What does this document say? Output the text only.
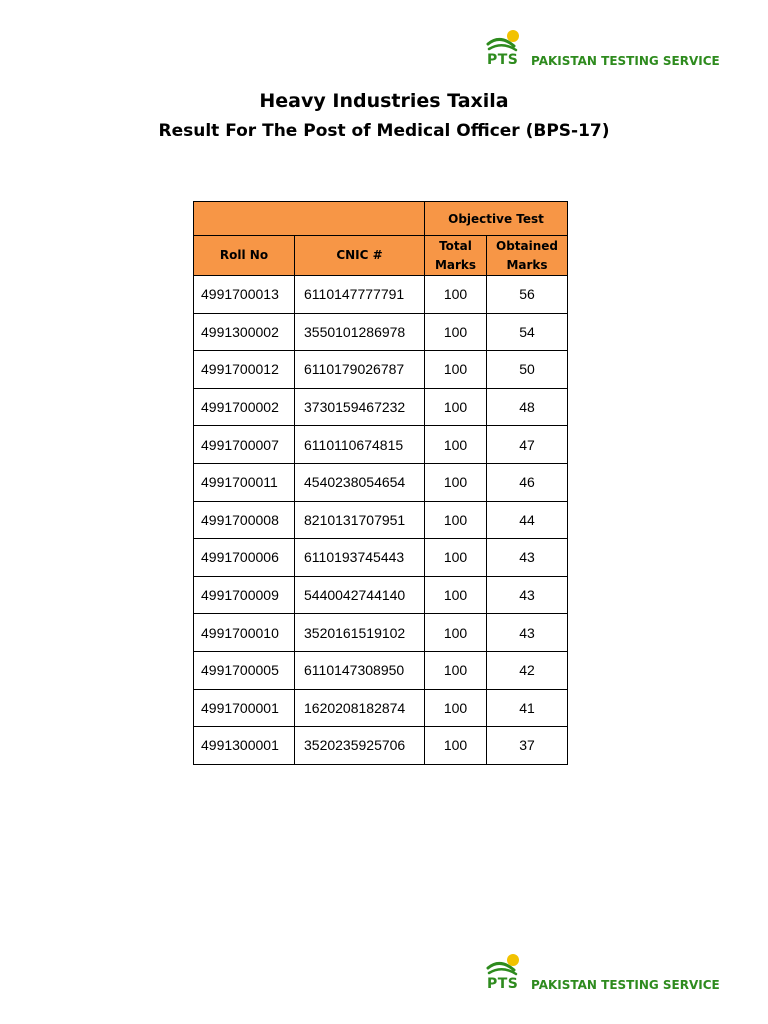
PTS PAKISTAN TESTING SERVICE
Heavy Industries Taxila
Result For The Post of Medical Officer (BPS-17)
		Objective Test	
Roll No	CNIC #	Total Marks	Obtained Marks
4991700013	6110147777791	100	56
4991300002	3550101286978	100	54
4991700012	6110179026787	100	50
4991700002	3730159467232	100	48
4991700007	6110110674815	100	47
4991700011	4540238054654	100	46
4991700008	8210131707951	100	44
4991700006	6110193745443	100	43
4991700009	5440042744140	100	43
4991700010	3520161519102	100	43
4991700005	6110147308950	100	42
4991700001	1620208182874	100	41
4991300001	3520235925706	100	37
PTS PAKISTAN TESTING SERVICE
